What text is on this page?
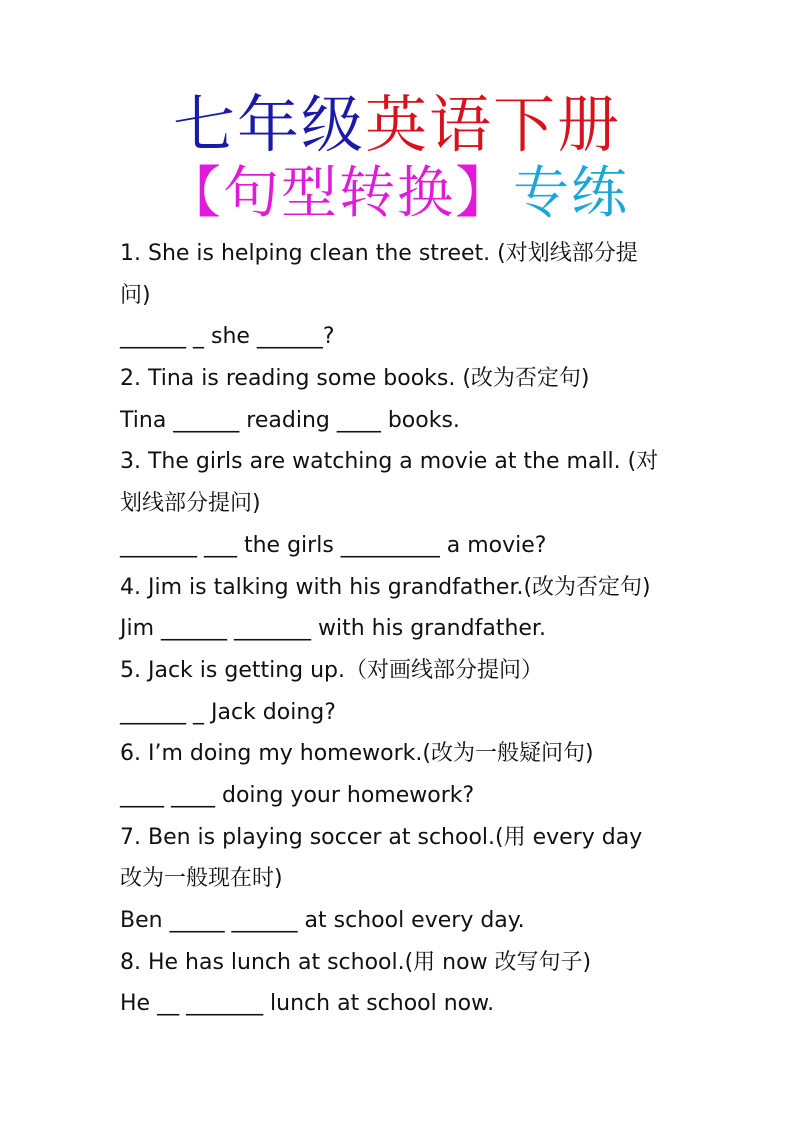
七年级英语下册
【句型转换】专练
1. She is helping clean the street. (对划线部分提
问)
______ _ she ______?
2. Tina is reading some books. (改为否定句)
Tina ______ reading ____ books.
3. The girls are watching a movie at the mall. (对
划线部分提问)
_______ ___ the girls _________ a movie?
4. Jim is talking with his grandfather.(改为否定句)
Jim ______ _______ with his grandfather.
5. Jack is getting up.（对画线部分提问）
______ _ Jack doing?
6. I’m doing my homework.(改为一般疑问句)
____ ____ doing your homework?
7. Ben is playing soccer at school.(用 every day
改为一般现在时)
Ben _____ ______ at school every day.
8. He has lunch at school.(用 now 改写句子)
He __ _______ lunch at school now.
